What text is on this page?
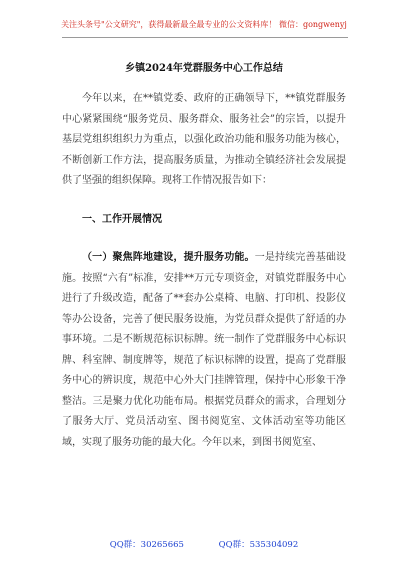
关注头条号"公文研究"，获得最新最全最专业的公文资料库！ 微信：gongwenyj
乡镇2024年党群服务中心工作总结

今年以来，在**镇党委、政府的正确领导下，**镇党群服务中心紧紧围绕“服务党员、服务群众、服务社会”的宗旨，以提升基层党组织组织力为重点，以强化政治功能和服务功能为核心，不断创新工作方法，提高服务质量，为推动全镇经济社会发展提供了坚强的组织保障。现将工作情况报告如下：

一、工作开展情况

（一）聚焦阵地建设，提升服务功能。一是持续完善基础设施。按照“六有”标准，安排**万元专项资金，对镇党群服务中心进行了升级改造，配备了**套办公桌椅、电脑、打印机、投影仪等办公设备，完善了便民服务设施，为党员群众提供了舒适的办事环境。二是不断规范标识标牌。统一制作了党群服务中心标识牌、科室牌、制度牌等，规范了标识标牌的设置，提高了党群服务中心的辨识度，规范中心外大门挂牌管理，保持中心形象干净整洁。三是聚力优化功能布局。根据党员群众的需求，合理划分了服务大厅、党员活动室、图书阅览室、文体活动室等功能区域，实现了服务功能的最大化。今年以来，到图书阅览室、

QQ群：30265665	QQ群：535304092
